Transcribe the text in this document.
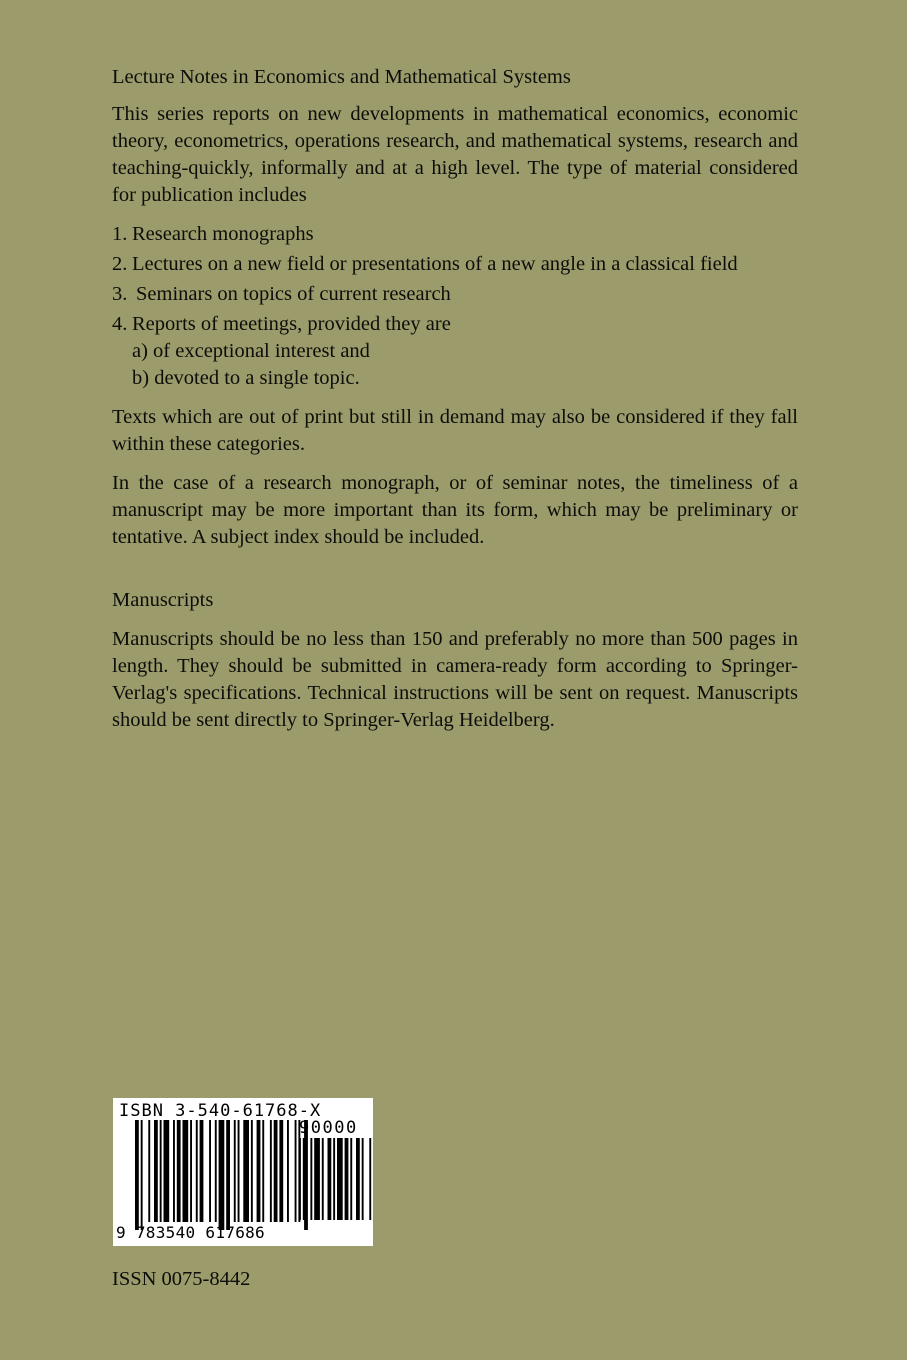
Lecture Notes in Economics and Mathematical Systems

This series reports on new developments in mathematical economics, economic theory, econometrics, operations research, and mathematical systems, research and teaching-quickly, informally and at a high level. The type of material considered for publication includes

1. Research monographs
2. Lectures on a new field or presentations of a new angle in a classical field
3. Seminars on topics of current research
4. Reports of meetings, provided they are
a) of exceptional interest and
b) devoted to a single topic.

Texts which are out of print but still in demand may also be considered if they fall within these categories.

In the case of a research monograph, or of seminar notes, the timeliness of a manuscript may be more important than its form, which may be preliminary or tentative. A subject index should be included.

Manuscripts

Manuscripts should be no less than 150 and preferably no more than 500 pages in length. They should be submitted in camera-ready form according to Springer-Verlag's specifications. Technical instructions will be sent on request. Manuscripts should be sent directly to Springer-Verlag Heidelberg.

ISBN 3-540-61768-X
90000
9 783540 617686
ISSN 0075-8442
